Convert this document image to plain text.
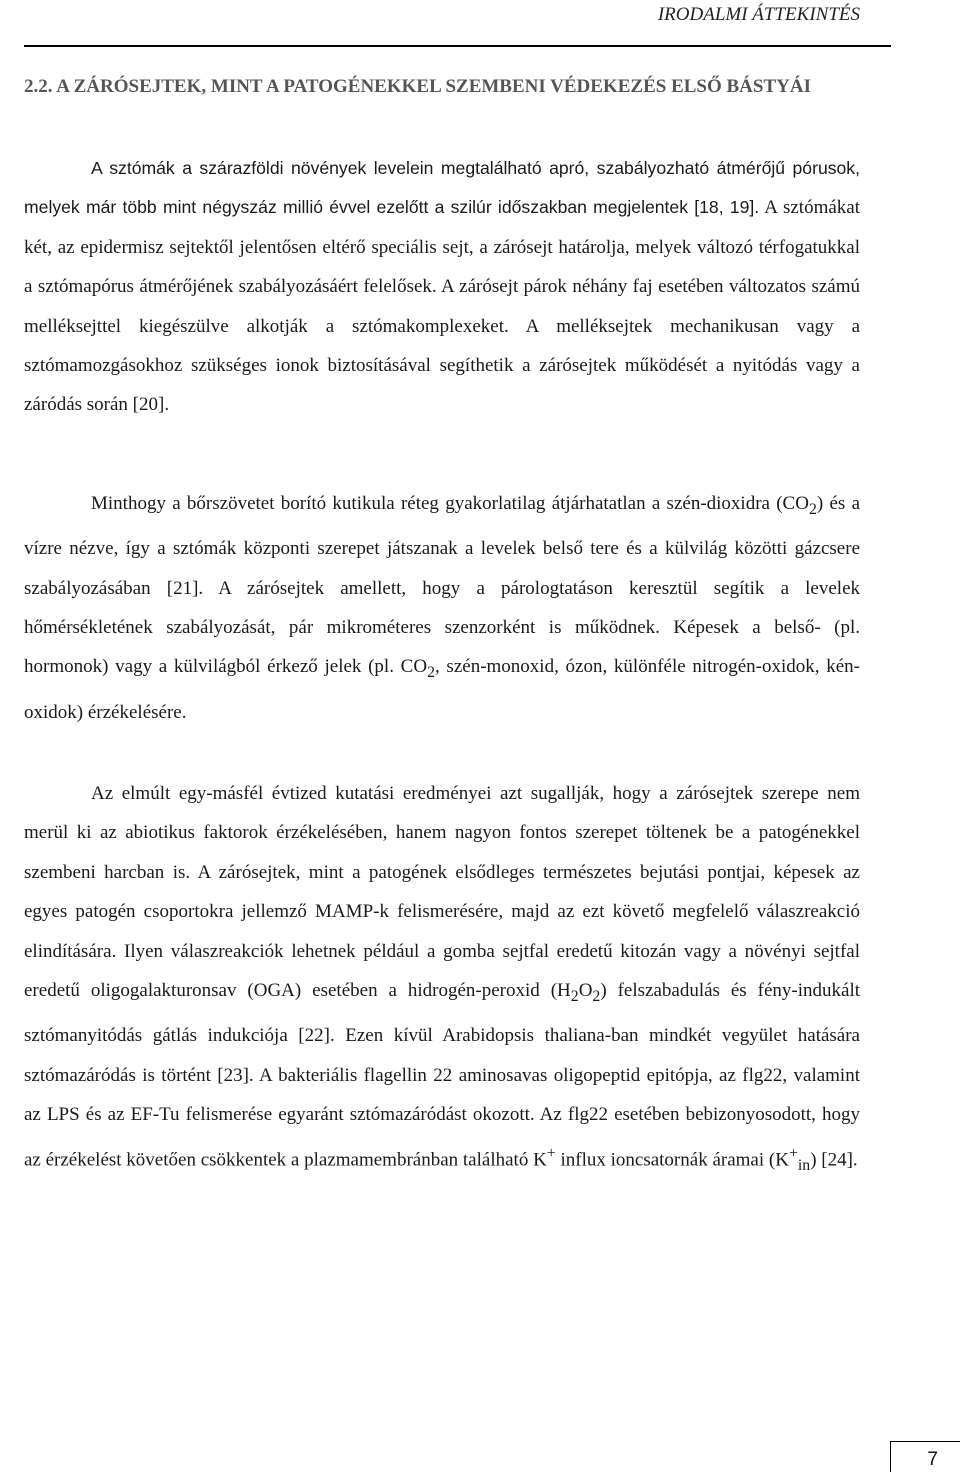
IRODALMI ÁTTEKINTÉS
2.2. A ZÁRÓSEJTEK, MINT A PATOGÉNEKKEL SZEMBENI VÉDEKEZÉS ELSŐ BÁSTYÁI

A sztómák a szárazföldi növények levelein megtalálható apró, szabályozható átmérőjű pórusok, melyek már több mint négyszáz millió évvel ezelőtt a szilúr időszakban megjelentek [18, 19]. A sztómákat két, az epidermisz sejtektől jelentősen eltérő speciális sejt, a zárósejt határolja, melyek változó térfogatukkal a sztómapórus átmérőjének szabályozásáért felelősek. A zárósejt párok néhány faj esetében változatos számú melléksejttel kiegészülve alkotják a sztómakomplexeket. A melléksejtek mechanikusan vagy a sztómamozgásokhoz szükséges ionok biztosításával segíthetik a zárósejtek működését a nyitódás vagy a záródás során [20].

Minthogy a bőrszövetet borító kutikula réteg gyakorlatilag átjárhatatlan a szén-dioxidra $(CO_2)$ és a vízre nézve, így a sztómák központi szerepet játszanak a levelek belső tere és a külvilág közötti gázcsere szabályozásában [21]. A zárósejtek amellett, hogy a párologtatáson keresztül segítik a levelek hőmérsékletének szabályozását, pár mikrométeres szenzorként is működnek. Képesek a belső- (pl. hormonok) vagy a külvilágból érkező jelek (pl. $CO_2$, szén-monoxid, ózon, különféle nitrogén-oxidok, kén-oxidok) érzékelésére.

Az elmúlt egy-másfél évtized kutatási eredményei azt sugallják, hogy a zárósejtek szerepe nem merül ki az abiotikus faktorok érzékelésében, hanem nagyon fontos szerepet töltenek be a patogénekkel szembeni harcban is. A zárósejtek, mint a patogének elsődleges természetes bejutási pontjai, képesek az egyes patogén csoportokra jellemző MAMP-k felismerésére, majd az ezt követő megfelelő válaszreakció elindítására. Ilyen válaszreakciók lehetnek például a gomba sejtfal eredetű kitozán vagy a növényi sejtfal eredetű oligogalakturonsav (OGA) esetében a hidrogén-peroxid $(H_2O_2)$ felszabadulás és fény-indukált sztómanyitódás gátlás indukciója [22]. Ezen kívül Arabidopsis thaliana-ban mindkét vegyület hatására sztómazáródás is történt [23]. A bakteriális flagellin 22 aminosavas oligopeptid epitópja, az flg22, valamint az LPS és az EF-Tu felismerése egyaránt sztómazáródást okozott. Az flg22 esetében bebizonyosodott, hogy az érzékelést követően csökkentek a plazmamembránban található K+ influx ioncsatornák áramai $(K^+_{in})$ [24].

7
